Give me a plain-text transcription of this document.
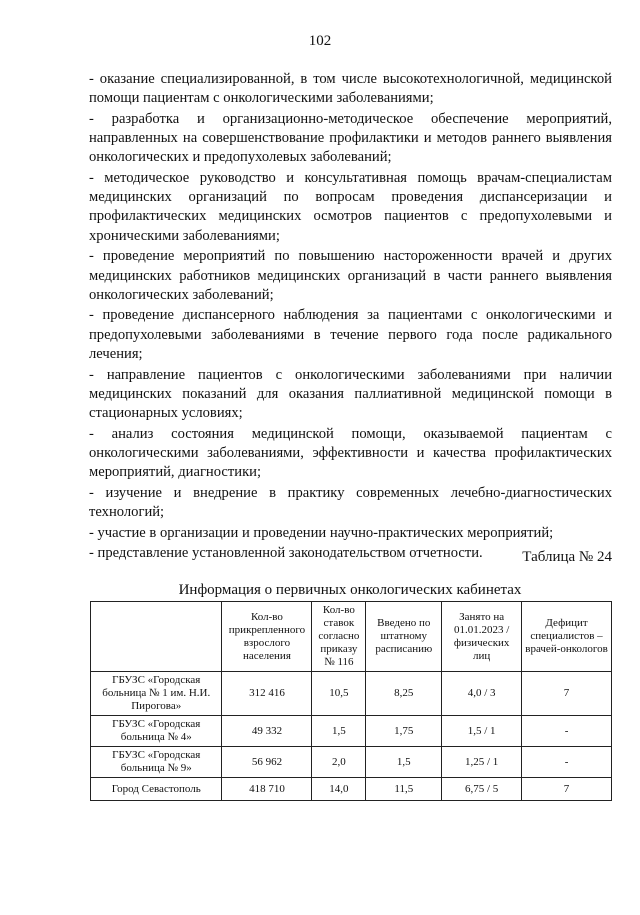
102

- оказание специализированной, в том числе высокотехнологичной, медицинской помощи пациентам с онкологическими заболеваниями;

- разработка и организационно-методическое обеспечение мероприятий, направленных на совершенствование профилактики и методов раннего выявления онкологических и предопухолевых заболеваний;

- методическое руководство и консультативная помощь врачам-специалистам медицинских организаций по вопросам проведения диспансеризации и профилактических медицинских осмотров пациентов с предопухолевыми и хроническими заболеваниями;

- проведение мероприятий по повышению настороженности врачей и других медицинских работников медицинских организаций в части раннего выявления онкологических заболеваний;

- проведение диспансерного наблюдения за пациентами с онкологическими и предопухолевыми заболеваниями в течение первого года после радикального лечения;

- направление пациентов с онкологическими заболеваниями при наличии медицинских показаний для оказания паллиативной медицинской помощи в стационарных условиях;

- анализ состояния медицинской помощи, оказываемой пациентам с онкологическими заболеваниями, эффективности и качества профилактических мероприятий, диагностики;

- изучение и внедрение в практику современных лечебно-диагностических технологий;

- участие в организации и проведении научно-практических мероприятий;

- представление установленной законодательством отчетности.	Таблица № 24
Информация о первичных онкологических кабинетах
	Кол-во прикрепленного взрослого населения	Кол-во ставок согласно приказу № 116	Введено по штатному расписанию	Занято на 01.01.2023 / физических лиц	Дефицит специалистов – врачей-онкологов
ГБУЗС «Городская больница № 1 им. Н.И. Пирогова»	312 416	10,5	8,25	4,0 / 3	7
ГБУЗС «Городская больница № 4»	49 332	1,5	1,75	1,5 / 1	-
ГБУЗС «Городская больница № 9»	56 962	2,0	1,5	1,25 / 1	-
Город Севастополь	418 710	14,0	11,5	6,75 / 5	7
